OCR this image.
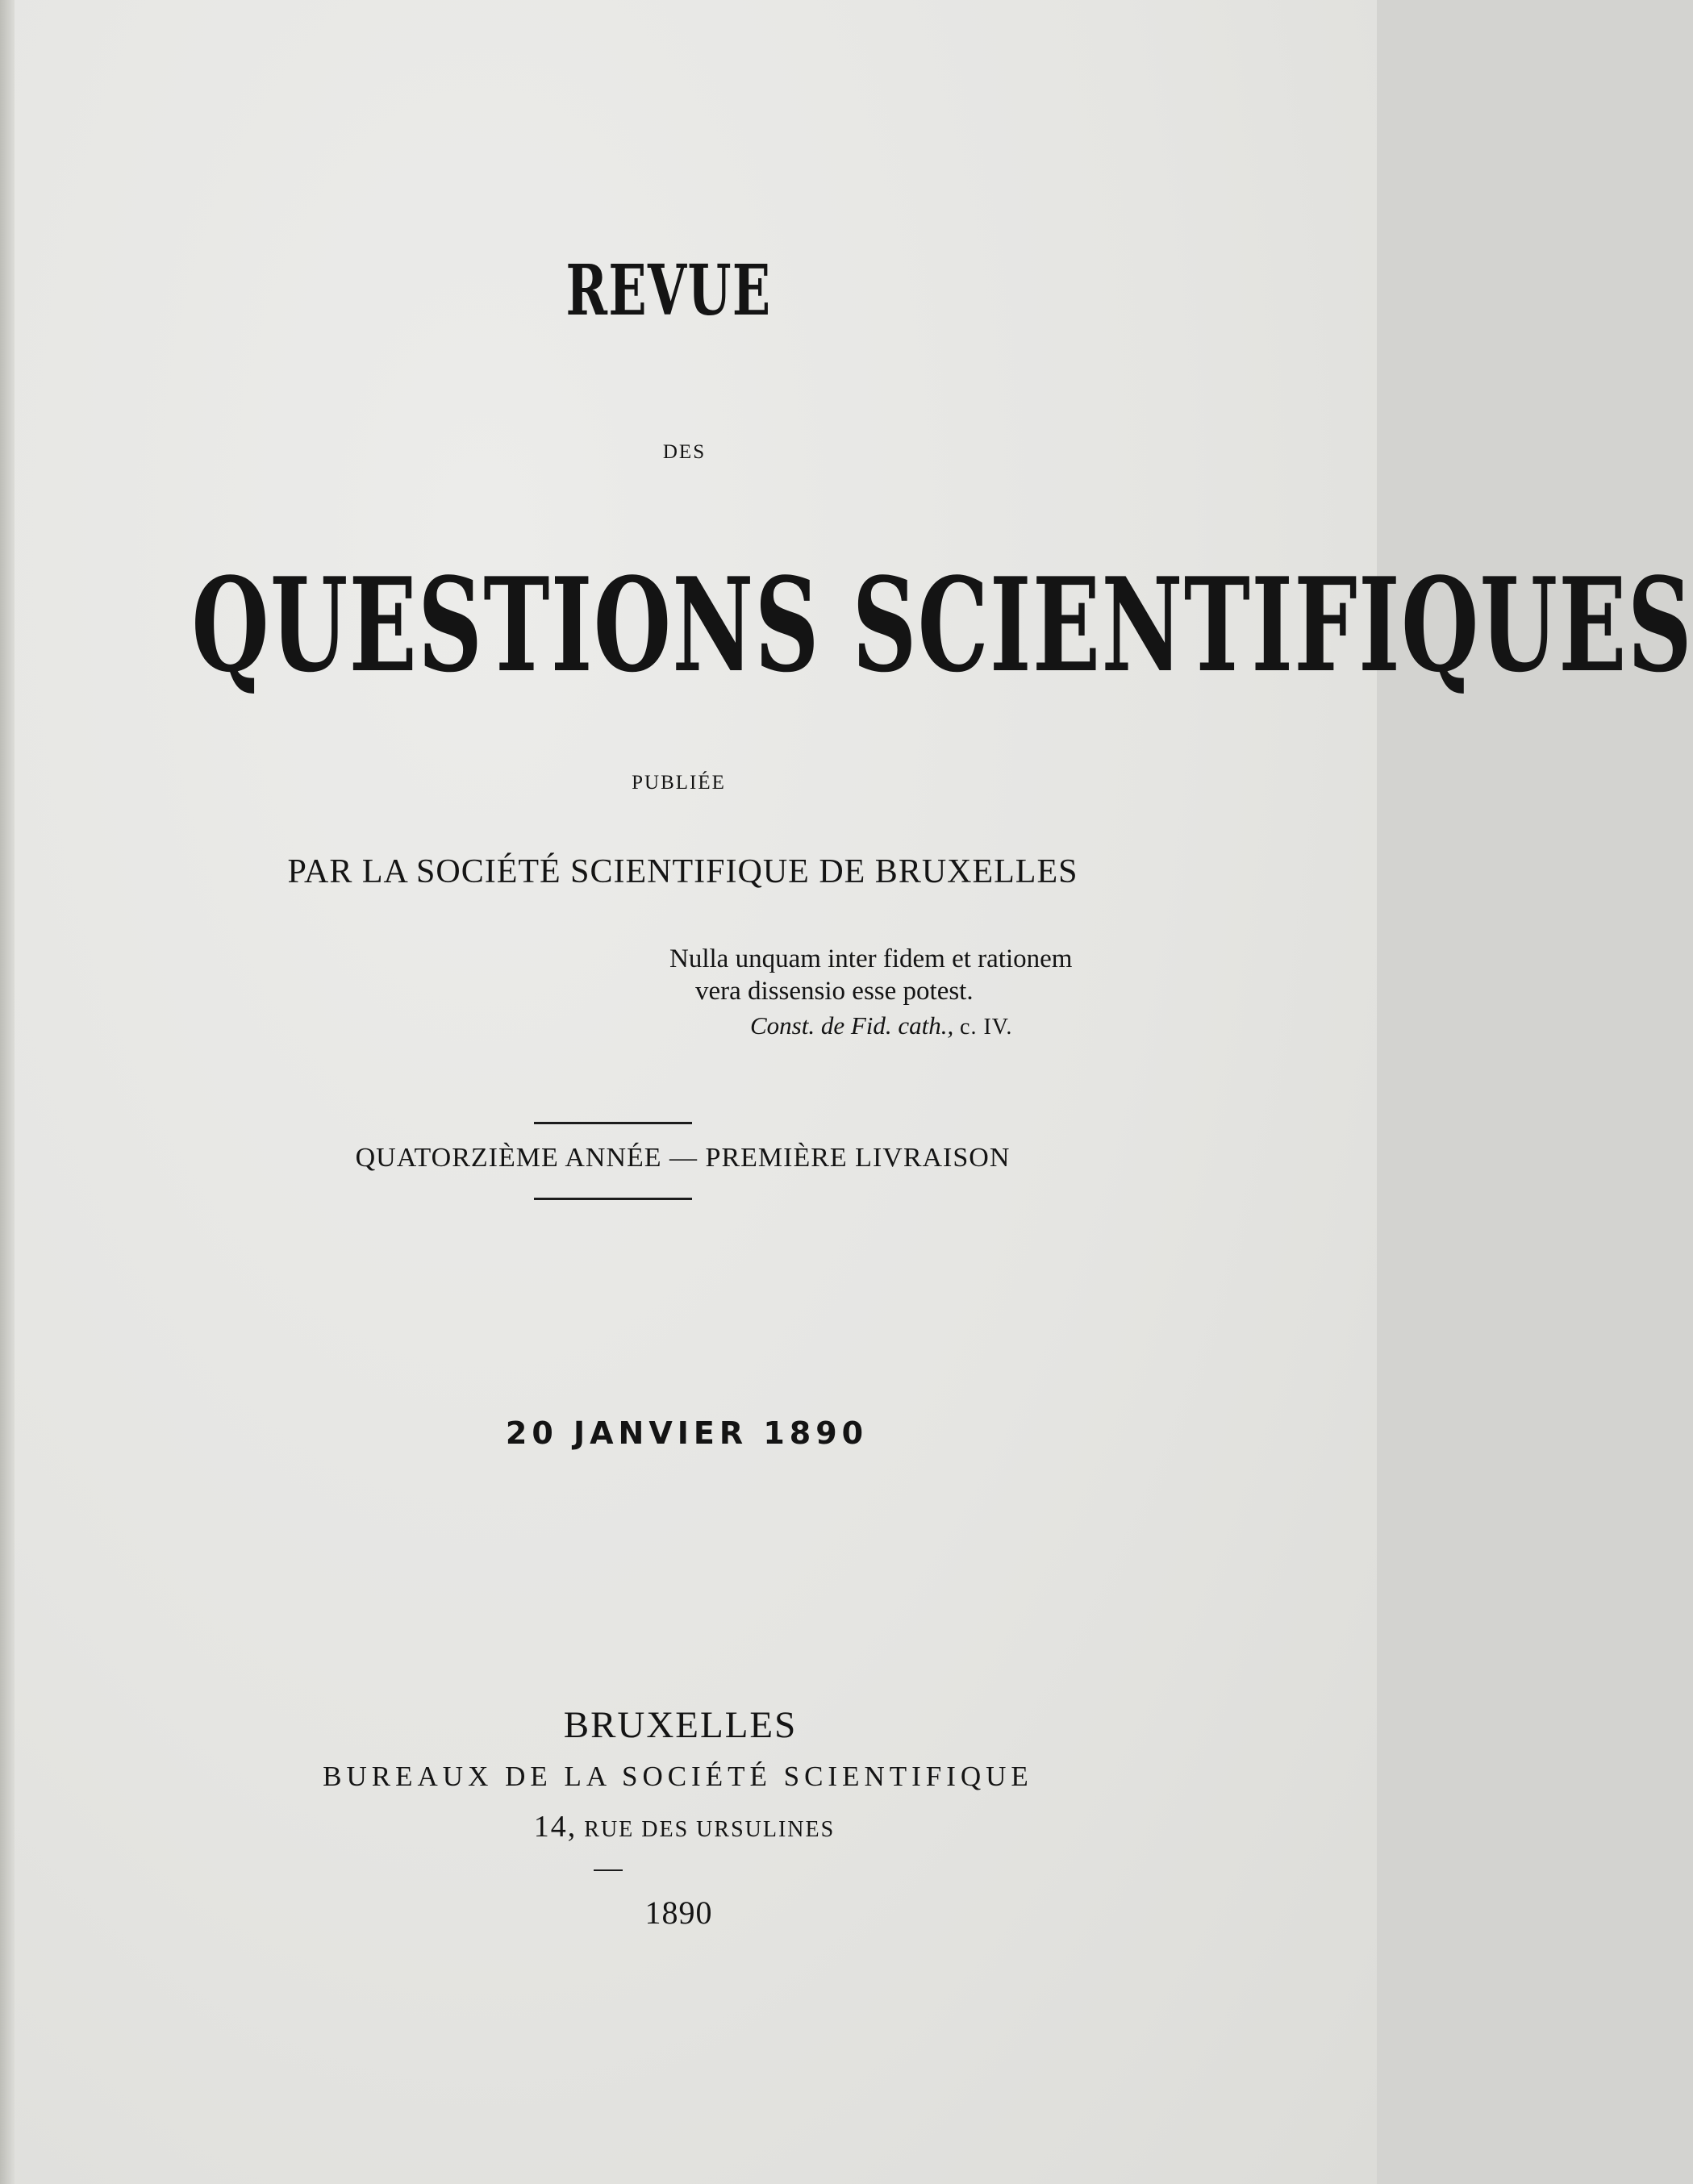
REVUE
DES
QUESTIONS SCIENTIFIQUES
PUBLIÉE
PAR LA SOCIÉTÉ SCIENTIFIQUE DE BRUXELLES
Nulla unquam inter fidem et rationem
vera dissensio esse potest.
Const. de Fid. cath., c. IV.
QUATORZIÈME ANNÉE — PREMIÈRE LIVRAISON
20 JANVIER 1890
BRUXELLES
BUREAUX DE LA SOCIÉTÉ SCIENTIFIQUE
14, RUE DES URSULINES
1890
